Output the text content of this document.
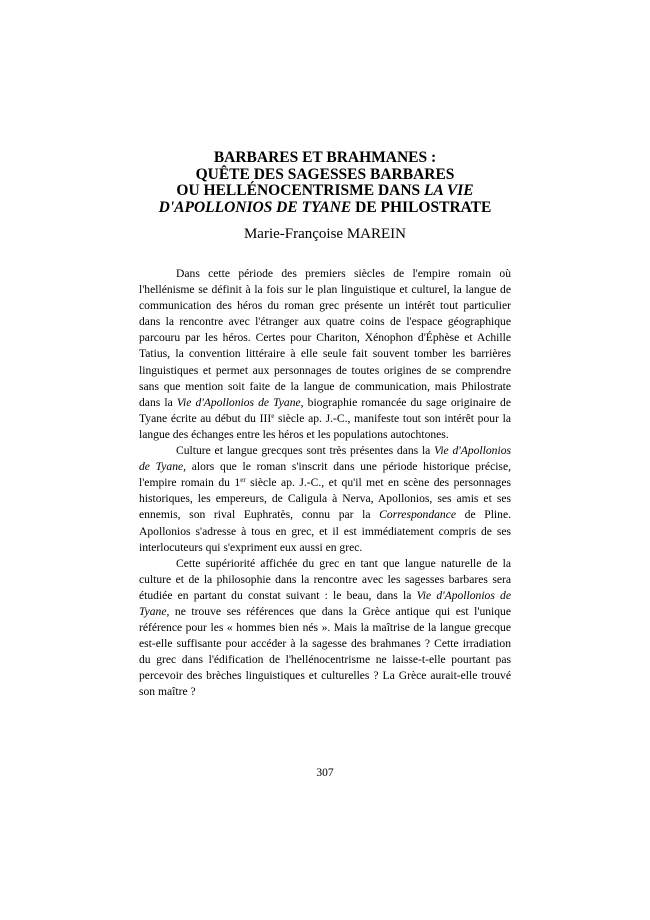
BARBARES ET BRAHMANES :
QUÊTE DES SAGESSES BARBARES
OU HELLÉNOCENTRISME DANS LA VIE
D'APOLLONIOS DE TYANE DE PHILOSTRATE
Marie-Françoise MAREIN

Dans cette période des premiers siècles de l'empire romain où l'hellénisme se définit à la fois sur le plan linguistique et culturel, la langue de communication des héros du roman grec présente un intérêt tout particulier dans la rencontre avec l'étranger aux quatre coins de l'espace géographique parcouru par les héros. Certes pour Chariton, Xénophon d'Éphèse et Achille Tatius, la convention littéraire à elle seule fait souvent tomber les barrières linguistiques et permet aux personnages de toutes origines de se comprendre sans que mention soit faite de la langue de communication, mais Philostrate dans la Vie d'Apollonios de Tyane, biographie romancée du sage originaire de Tyane écrite au début du IIIe siècle ap. J.-C., manifeste tout son intérêt pour la langue des échanges entre les héros et les populations autochtones.

Culture et langue grecques sont très présentes dans la Vie d'Apollonios de Tyane, alors que le roman s'inscrit dans une période historique précise, l'empire romain du 1er siècle ap. J.-C., et qu'il met en scène des personnages historiques, les empereurs, de Caligula à Nerva, Apollonios, ses amis et ses ennemis, son rival Euphratès, connu par la Correspondance de Pline. Apollonios s'adresse à tous en grec, et il est immédiatement compris de ses interlocuteurs qui s'expriment eux aussi en grec.

Cette supériorité affichée du grec en tant que langue naturelle de la culture et de la philosophie dans la rencontre avec les sagesses barbares sera étudiée en partant du constat suivant : le beau, dans la Vie d'Apollonios de Tyane, ne trouve ses références que dans la Grèce antique qui est l'unique référence pour les « hommes bien nés ». Mais la maîtrise de la langue grecque est-elle suffisante pour accéder à la sagesse des brahmanes ? Cette irradiation du grec dans l'édification de l'hellénocentrisme ne laisse-t-elle pourtant pas percevoir des brèches linguistiques et culturelles ? La Grèce aurait-elle trouvé son maître ?

307
